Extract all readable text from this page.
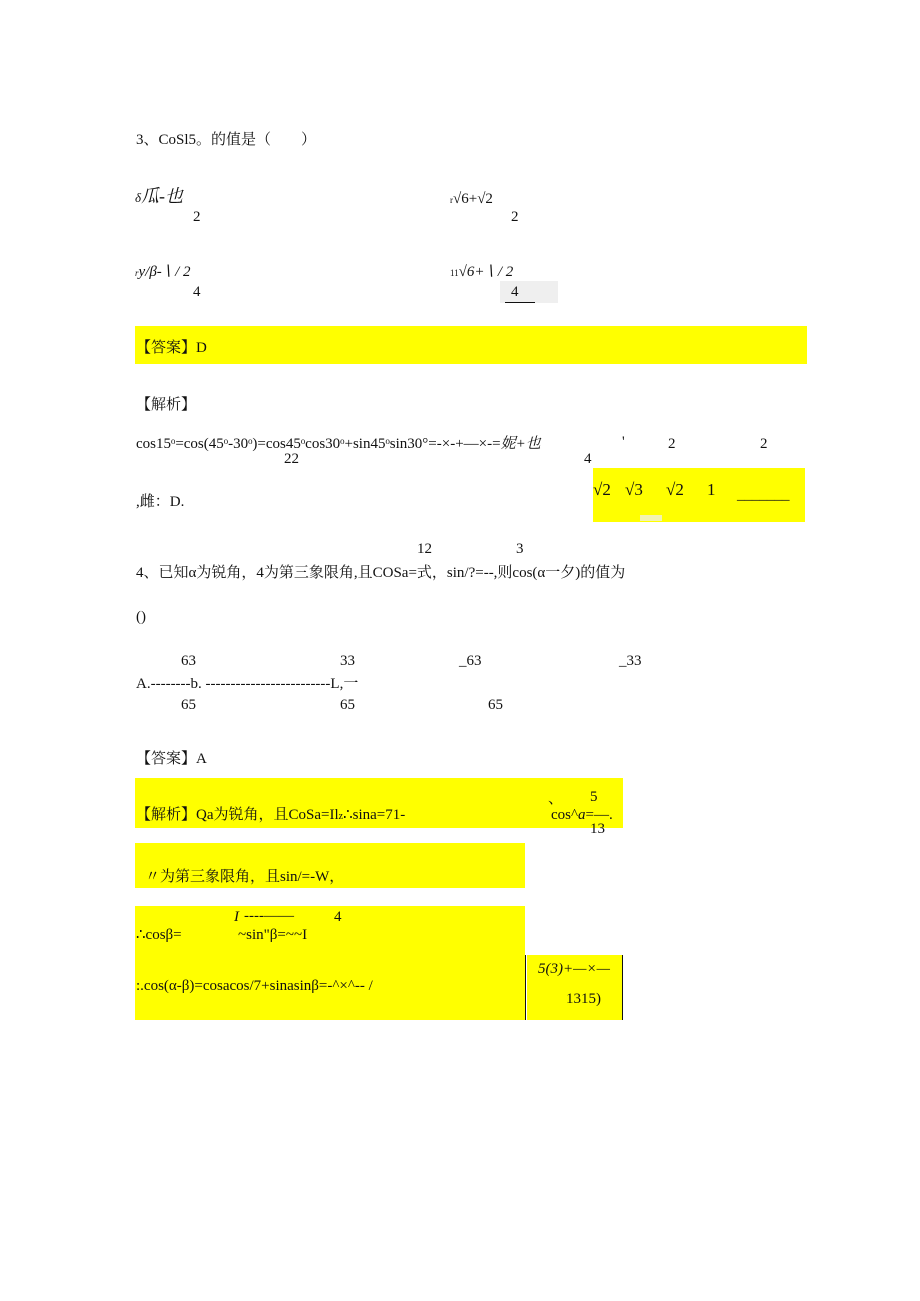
3、CoSl5。的值是（　　）
δ瓜-也
2
r√6+√2
2
ry/β-∖ / 2
4
11√6+∖ / 2
4
【答案】D
【解析】
cos15ᵒ=cos(45ᵒ-30ᵒ)=cos45ᵒcos30ᵒ+sin45ᵒsin30°=-×-+—×-=妮+也	'	2	2
22	4
,雌：D.
√2 √3 √2 1 _______
12	3
4、已知α为锐角，4为第三象限角,且COSa=式，sin/?=--,则cos(α一夕)的值为
()
63	33	_63	_33
A.--------b. -------------------------L,一
65	65	65
【答案】A
【解析】Qa为锐角，且CoSa=Ilz∴sina=71-
、 5
cos^a=—.
13
〃为第三象限角，且sin/=-W，
I ----——	4
∴cosβ=	~sin"β=~~I
:.cos(α-β)=cosacos/7+sinasinβ=-^×^-- /
5(3)+—×—
1315)
